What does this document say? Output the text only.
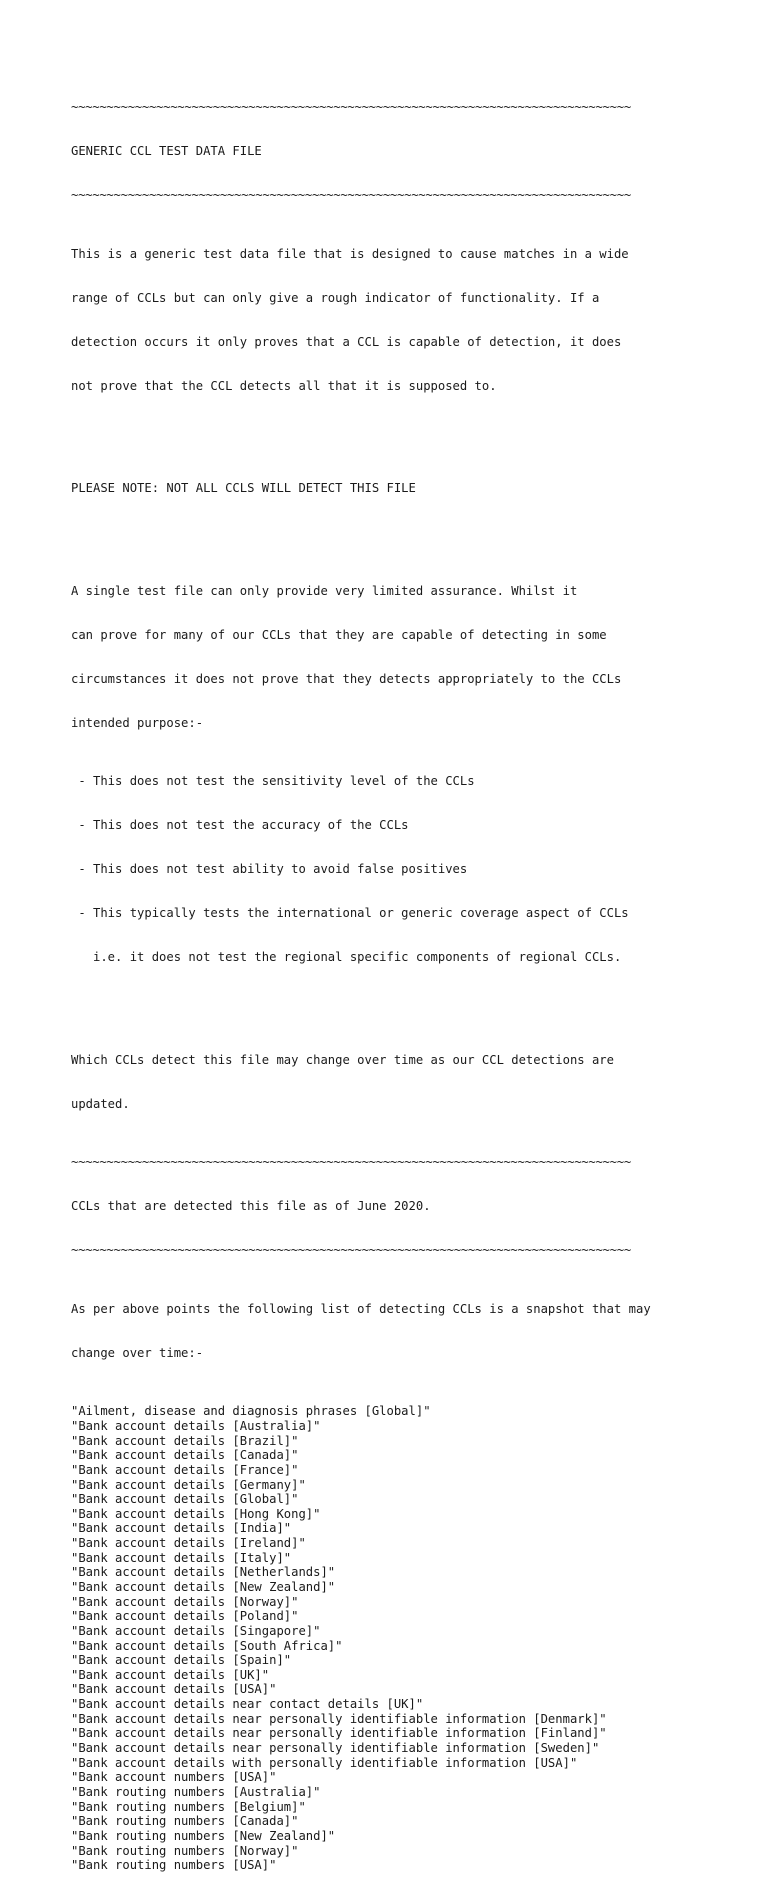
~~~~~~~~~~~~~~~~~~~~~~~~~~~~~~~~~~~~~~~~~~~~~~~~~~~~~~~~~~~~~~~~~~~~~~~~~~~~~~~

GENERIC CCL TEST DATA FILE

~~~~~~~~~~~~~~~~~~~~~~~~~~~~~~~~~~~~~~~~~~~~~~~~~~~~~~~~~~~~~~~~~~~~~~~~~~~~~~~

This is a generic test data file that is designed to cause matches in a wide

range of CCLs but can only give a rough indicator of functionality. If a

detection occurs it only proves that a CCL is capable of detection, it does

not prove that the CCL detects all that it is supposed to.

PLEASE NOTE: NOT ALL CCLS WILL DETECT THIS FILE

A single test file can only provide very limited assurance. Whilst it

can prove for many of our CCLs that they are capable of detecting in some

circumstances it does not prove that they detects appropriately to the CCLs

intended purpose:-

- This does not test the sensitivity level of the CCLs

- This does not test the accuracy of the CCLs

- This does not test ability to avoid false positives

- This typically tests the international or generic coverage aspect of CCLs

i.e. it does not test the regional specific components of regional CCLs.

Which CCLs detect this file may change over time as our CCL detections are

updated.

~~~~~~~~~~~~~~~~~~~~~~~~~~~~~~~~~~~~~~~~~~~~~~~~~~~~~~~~~~~~~~~~~~~~~~~~~~~~~~~

CCLs that are detected this file as of June 2020.

~~~~~~~~~~~~~~~~~~~~~~~~~~~~~~~~~~~~~~~~~~~~~~~~~~~~~~~~~~~~~~~~~~~~~~~~~~~~~~~

As per above points the following list of detecting CCLs is a snapshot that may

change over time:-

"Ailment, disease and diagnosis phrases [Global]"
"Bank account details [Australia]"
"Bank account details [Brazil]"
"Bank account details [Canada]"
"Bank account details [France]"
"Bank account details [Germany]"
"Bank account details [Global]"
"Bank account details [Hong Kong]"
"Bank account details [India]"
"Bank account details [Ireland]"
"Bank account details [Italy]"
"Bank account details [Netherlands]"
"Bank account details [New Zealand]"
"Bank account details [Norway]"
"Bank account details [Poland]"
"Bank account details [Singapore]"
"Bank account details [South Africa]"
"Bank account details [Spain]"
"Bank account details [UK]"
"Bank account details [USA]"
"Bank account details near contact details [UK]"
"Bank account details near personally identifiable information [Denmark]"
"Bank account details near personally identifiable information [Finland]"
"Bank account details near personally identifiable information [Sweden]"
"Bank account details with personally identifiable information [USA]"
"Bank account numbers [USA]"
"Bank routing numbers [Australia]"
"Bank routing numbers [Belgium]"
"Bank routing numbers [Canada]"
"Bank routing numbers [New Zealand]"
"Bank routing numbers [Norway]"
"Bank routing numbers [USA]"
